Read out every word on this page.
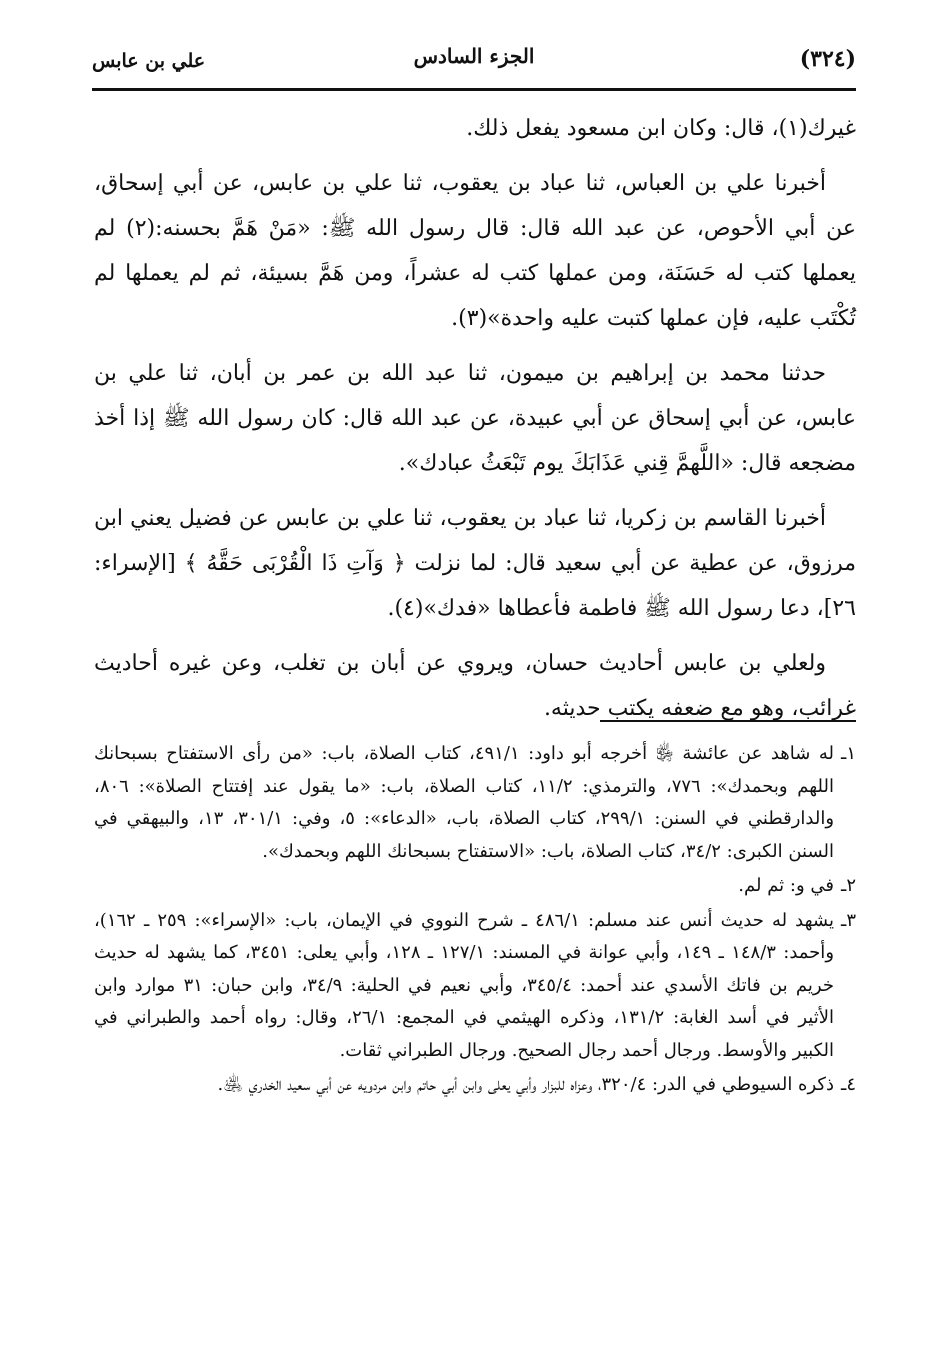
(٣٢٤)
الجزء السادس
علي بن عابس

غيرك(١)، قال: وكان ابن مسعود يفعل ذلك.

أخبرنا علي بن العباس، ثنا عباد بن يعقوب، ثنا علي بن عابس، عن أبي إسحاق، عن أبي الأحوص، عن عبد الله قال: قال رسول الله ﷺ: «مَنْ هَمَّ بحسنه:(٢) لم يعملها كتب له حَسَنَة، ومن عملها كتب له عشراً، ومن هَمَّ بسيئة، ثم لم يعملها لم تُكْتَب عليه، فإن عملها كتبت عليه واحدة»(٣).

حدثنا محمد بن إبراهيم بن ميمون، ثنا عبد الله بن عمر بن أبان، ثنا علي بن عابس، عن أبي إسحاق عن أبي عبيدة، عن عبد الله قال: كان رسول الله ﷺ إذا أخذ مضجعه قال: «اللَّهمَّ قِني عَذَابَكَ يوم تَبْعَثُ عبادك».

أخبرنا القاسم بن زكريا، ثنا عباد بن يعقوب، ثنا علي بن عابس عن فضيل يعني ابن مرزوق، عن عطية عن أبي سعيد قال: لما نزلت ﴿ وَآتِ ذَا الْقُرْبَى حَقَّهُ ﴾ [الإسراء: ٢٦]، دعا رسول الله ﷺ فاطمة فأعطاها «فدك»(٤).

ولعلي بن عابس أحاديث حسان، ويروي عن أبان بن تغلب، وعن غيره أحاديث غرائب، وهو مع ضعفه يكتب حديثه.

١ـ
له شاهد عن عائشة ﵂ أخرجه أبو داود: ٤٩١/١، كتاب الصلاة، باب: «من رأى الاستفتاح بسبحانك اللهم وبحمدك»: ٧٧٦، والترمذي: ١١/٢، كتاب الصلاة، باب: «ما يقول عند إفتتاح الصلاة»: ٨٠٦، والدارقطني في السنن: ٢٩٩/١، كتاب الصلاة، باب، «الدعاء»: ٥، وفي: ٣٠١/١، ١٣، والبيهقي في السنن الكبرى: ٣٤/٢، كتاب الصلاة، باب: «الاستفتاح بسبحانك اللهم وبحمدك».
٢ـ
في و: ثم لم.
٣ـ
يشهد له حديث أنس عند مسلم: ٤٨٦/١ ـ شرح النووي في الإيمان، باب: «الإسراء»: ٢٥٩ ـ ١٦٢)، وأحمد: ١٤٨/٣ ـ ١٤٩، وأبي عوانة في المسند: ١٢٧/١ ـ ١٢٨، وأبي يعلى: ٣٤٥١، كما يشهد له حديث خريم بن فاتك الأسدي عند أحمد: ٣٤٥/٤، وأبي نعيم في الحلية: ٣٤/٩، وابن حبان: ٣١ موارد وابن الأثير في أسد الغابة: ١٣١/٢، وذكره الهيثمي في المجمع: ٢٦/١، وقال: رواه أحمد والطبراني في الكبير والأوسط. ورجال أحمد رجال الصحيح. ورجال الطبراني ثقات.
٤ـ
ذكره السيوطي في الدر: ٣٢٠/٤، وعزاه للبزار وأبي يعلى وابن أبي حاتم وابن مردويه عن أبي سعيد الخدري ﵁.
